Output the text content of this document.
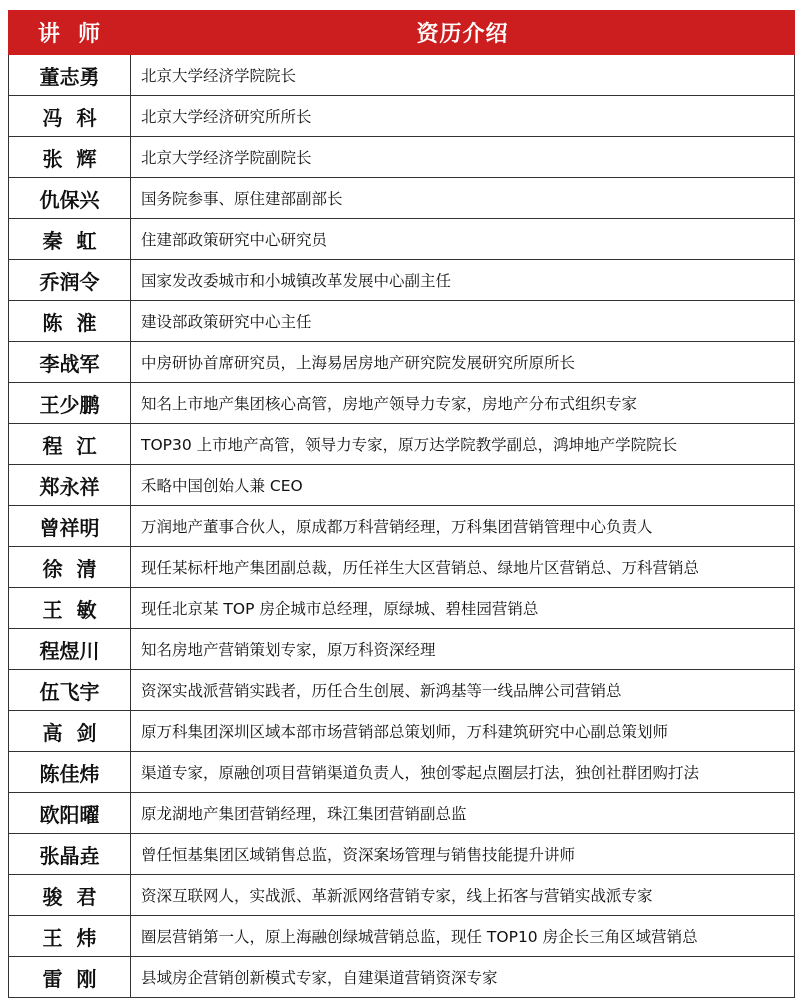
讲  师	资历介绍
董志勇	北京大学经济学院院长
冯  科	北京大学经济研究所所长
张  辉	北京大学经济学院副院长
仇保兴	国务院参事、原住建部副部长
秦  虹	住建部政策研究中心研究员
乔润令	国家发改委城市和小城镇改革发展中心副主任
陈  淮	建设部政策研究中心主任
李战军	中房研协首席研究员，上海易居房地产研究院发展研究所原所长
王少鹏	知名上市地产集团核心高管，房地产领导力专家，房地产分布式组织专家
程  江	TOP30 上市地产高管，领导力专家，原万达学院教学副总，鸿坤地产学院院长
郑永祥	禾略中国创始人兼 CEO
曾祥明	万润地产董事合伙人，原成都万科营销经理，万科集团营销管理中心负责人
徐  清	现任某标杆地产集团副总裁，历任祥生大区营销总、绿地片区营销总、万科营销总
王  敏	现任北京某 TOP 房企城市总经理，原绿城、碧桂园营销总
程煜川	知名房地产营销策划专家，原万科资深经理
伍飞宇	资深实战派营销实践者，历任合生创展、新鸿基等一线品牌公司营销总
高  剑	原万科集团深圳区域本部市场营销部总策划师，万科建筑研究中心副总策划师
陈佳炜	渠道专家，原融创项目营销渠道负责人，独创零起点圈层打法，独创社群团购打法
欧阳曜	原龙湖地产集团营销经理，珠江集团营销副总监
张晶垚	曾任恒基集团区域销售总监，资深案场管理与销售技能提升讲师
骏  君	资深互联网人，实战派、革新派网络营销专家，线上拓客与营销实战派专家
王  炜	圈层营销第一人，原上海融创绿城营销总监，现任 TOP10 房企长三角区域营销总
雷  刚	县域房企营销创新模式专家，自建渠道营销资深专家
